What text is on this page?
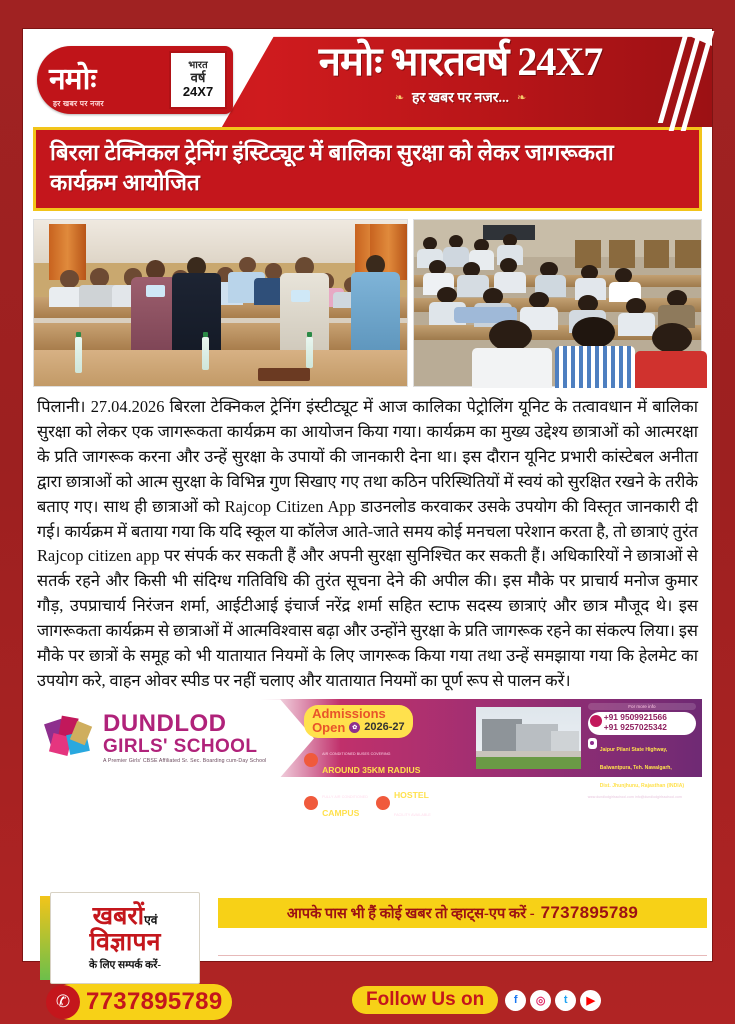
नमोः
हर खबर पर नजर
भारत
वर्ष
24X7
नमोः भारतवर्ष 24X7
❧ हर खबर पर नजर... ❧

बिरला टेक्निकल ट्रेनिंग इंस्टिट्यूट में बालिका सुरक्षा को लेकर जागरूकता कार्यक्रम आयोजित

पिलानी। 27.04.2026 बिरला टेक्निकल ट्रेनिंग इंस्टीट्यूट में आज कालिका पेट्रोलिंग यूनिट के तत्वावधान में बालिका सुरक्षा को लेकर एक जागरूकता कार्यक्रम का आयोजन किया गया। कार्यक्रम का मुख्य उद्देश्य छात्राओं को आत्मरक्षा के प्रति जागरूक करना और उन्हें सुरक्षा के उपायों की जानकारी देना था। इस दौरान यूनिट प्रभारी कांस्टेबल अनीता द्वारा छात्राओं को आत्म सुरक्षा के विभिन्न गुण सिखाए गए तथा कठिन परिस्थितियों में स्वयं को सुरक्षित रखने के तरीके बताए गए। साथ ही छात्राओं को Rajcop Citizen App डाउनलोड करवाकर उसके उपयोग की विस्तृत जानकारी दी गई। कार्यक्रम में बताया गया कि यदि स्कूल या कॉलेज आते-जाते समय कोई मनचला परेशान करता है, तो छात्राएं तुरंत Rajcop citizen app पर संपर्क कर सकती हैं और अपनी सुरक्षा सुनिश्चित कर सकती हैं। अधिकारियों ने छात्राओं से सतर्क रहने और किसी भी संदिग्ध गतिविधि की तुरंत सूचना देने की अपील की। इस मौके पर प्राचार्य मनोज कुमार गौड़, उपप्राचार्य निरंजन शर्मा, आईटीआई इंचार्ज नरेंद्र शर्मा सहित स्टाफ सदस्य छात्राएं और छात्र मौजूद थे। इस जागरूकता कार्यक्रम से छात्राओं में आत्मविश्वास बढ़ा और उन्होंने सुरक्षा के प्रति जागरूक रहने का संकल्प लिया। इस मौके पर छात्रों के समूह को भी यातायात नियमों के लिए जागरूक किया गया तथा उन्हें समझाया गया कि हेलमेट का उपयोग करे, वाहन ओवर स्पीड पर नहीं चलाए और यातायात नियमों का पूर्ण रूप से पालन करें।

DUNDLOD
GIRLS' SCHOOL
A Premier Girls' CBSE Affiliated Sr. Sec. Boarding cum-Day School
Admissions
Open	✿ 2026-27
AIR CONDITIONED BUSES COVERING
AROUND 35KM RADIUS
FULLY AIR CONDITIONED
CAMPUS
HOSTEL
FACILITY AVAILABLE
For more info
+91 9509921566
+91 9257025342
Jaipur Pilani State Highway,
Balwantpura, Teh. Nawalgarh,
Dist. Jhunjhunu, Rajasthan (INDIA)
www.dundlodgirlsschool.com info@dundlodgirlsschool.com
खबरोंएवं
विज्ञापन
के लिए सम्पर्क करें-
आपके पास भी हैं कोई खबर तो व्हाट्स-एप करें - 7737895789
(खबर शुरूआती जानकारी के अनुसार, अंतिम समय तक मामूली फेरबदल संभव)
✆ 7737895789	Follow Us on	f	◎	t	▶
